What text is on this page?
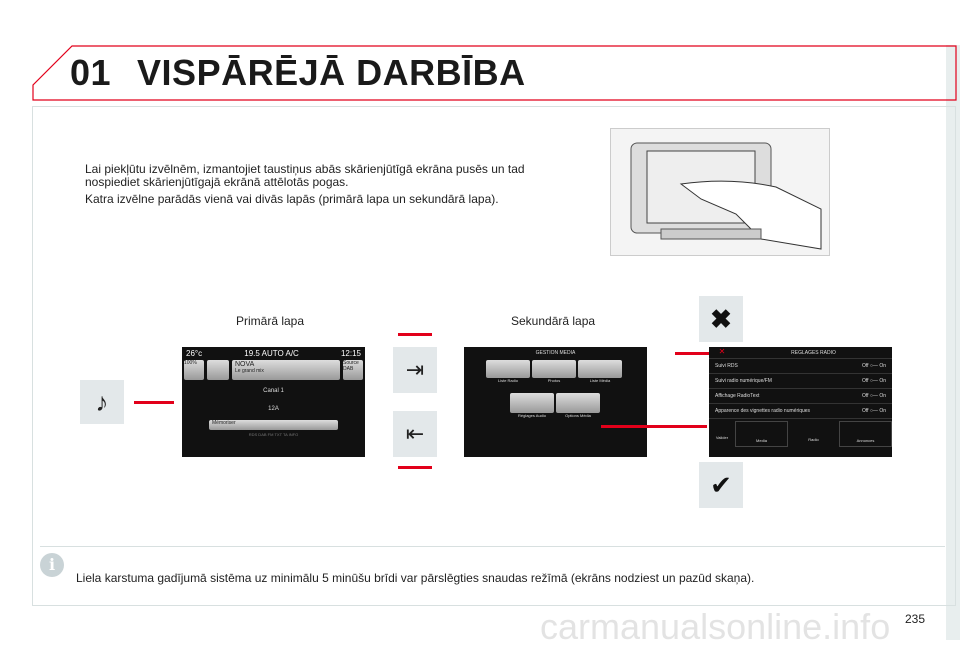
01 VISPĀRĒJĀ DARBĪBA
Lai piekļūtu izvēlnēm, izmantojiet taustiņus abās skārienjūtīgā ekrāna pusēs un tad
nospiediet skārienjūtīgajā ekrānā attēlotās pogas.
Katra izvēlne parādās vienā vai divās lapās (primārā lapa un sekundārā lapa).
Primārā lapa	Sekundārā lapa
♪
26°c	19.5 AUTO A/C	12:15
100%	NOVA
Le grand mix
Source
DAB
Canal 1
12A
Mémoriser
RDS DAB FM TXT TA INFO
⇥
⇤
GESTION MEDIA
Liste Radio	Photos	Liste Média
Réglages Audio	Options Média
✖
✔
✕	REGLAGES RADIO
Suivi RDS	Off ○— On
Suivi radio numérique/FM	Off ○— On
Affichage RadioText	Off ○— On
Apparence des vignettes radio numériques	Off ○— On
Valider
Media	Radio	Annonces
i
Liela karstuma gadījumā sistēma uz minimālu 5 minūšu brīdi var pārslēgties snaudas režīmā (ekrāns nodziest un pazūd skaņa).
carmanualsonline.info 235
